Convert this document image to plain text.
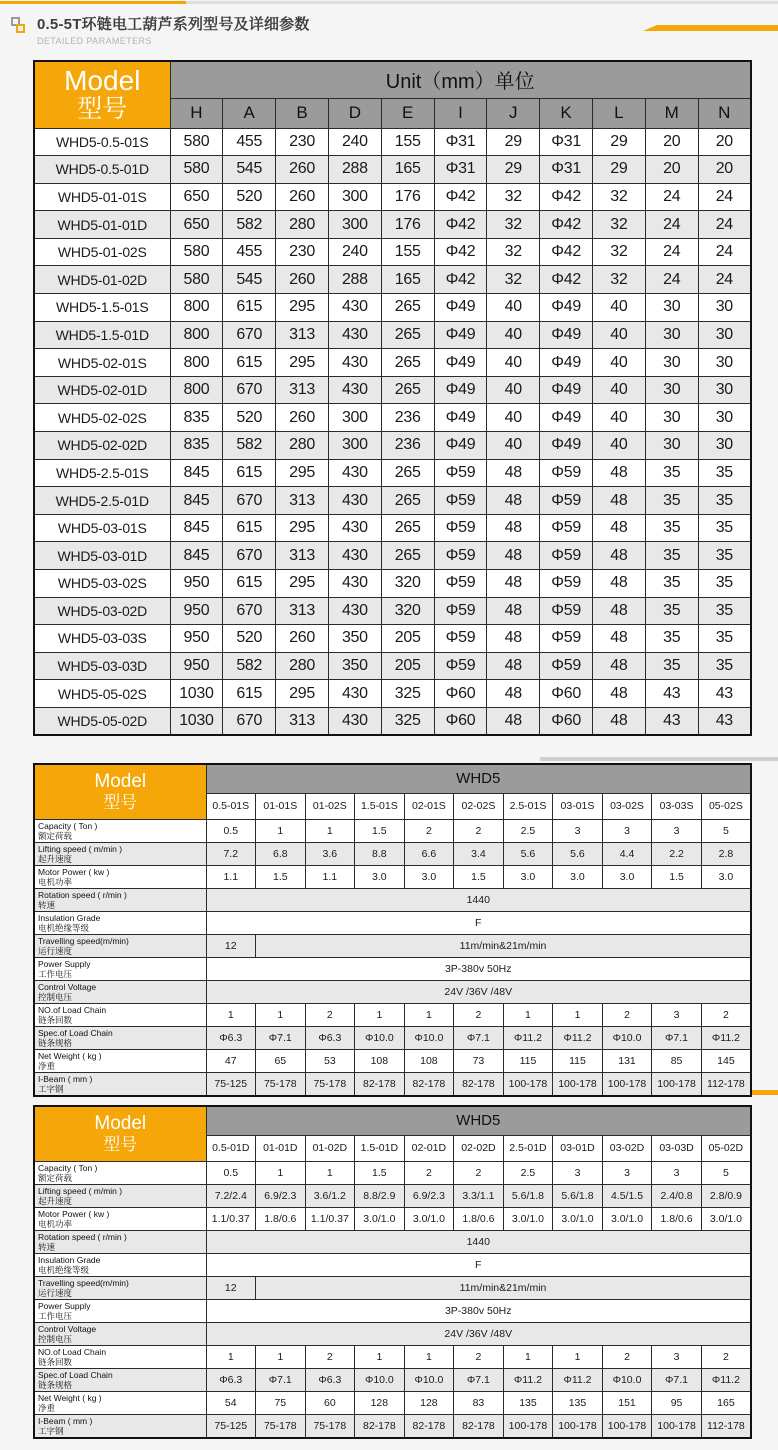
0.5-5T环链电工葫芦系列型号及详细参数
DETAILED PARAMETERS
Model
型号	Unit（mm）单位										
	H	A	B	D	E	I	J	K	L	M	N
WHD5-0.5-01S	580	455	230	240	155	Φ31	29	Φ31	29	20	20
WHD5-0.5-01D	580	545	260	288	165	Φ31	29	Φ31	29	20	20
WHD5-01-01S	650	520	260	300	176	Φ42	32	Φ42	32	24	24
WHD5-01-01D	650	582	280	300	176	Φ42	32	Φ42	32	24	24
WHD5-01-02S	580	455	230	240	155	Φ42	32	Φ42	32	24	24
WHD5-01-02D	580	545	260	288	165	Φ42	32	Φ42	32	24	24
WHD5-1.5-01S	800	615	295	430	265	Φ49	40	Φ49	40	30	30
WHD5-1.5-01D	800	670	313	430	265	Φ49	40	Φ49	40	30	30
WHD5-02-01S	800	615	295	430	265	Φ49	40	Φ49	40	30	30
WHD5-02-01D	800	670	313	430	265	Φ49	40	Φ49	40	30	30
WHD5-02-02S	835	520	260	300	236	Φ49	40	Φ49	40	30	30
WHD5-02-02D	835	582	280	300	236	Φ49	40	Φ49	40	30	30
WHD5-2.5-01S	845	615	295	430	265	Φ59	48	Φ59	48	35	35
WHD5-2.5-01D	845	670	313	430	265	Φ59	48	Φ59	48	35	35
WHD5-03-01S	845	615	295	430	265	Φ59	48	Φ59	48	35	35
WHD5-03-01D	845	670	313	430	265	Φ59	48	Φ59	48	35	35
WHD5-03-02S	950	615	295	430	320	Φ59	48	Φ59	48	35	35
WHD5-03-02D	950	670	313	430	320	Φ59	48	Φ59	48	35	35
WHD5-03-03S	950	520	260	350	205	Φ59	48	Φ59	48	35	35
WHD5-03-03D	950	582	280	350	205	Φ59	48	Φ59	48	35	35
WHD5-05-02S	1030	615	295	430	325	Φ60	48	Φ60	48	43	43
WHD5-05-02D	1030	670	313	430	325	Φ60	48	Φ60	48	43	43
Model
型号	WHD5										
	0.5-01S	01-01S	01-02S	1.5-01S	02-01S	02-02S	2.5-01S	03-01S	03-02S	03-03S	05-02S

Capacity ( Ton )
额定荷载	0.5	1	1	1.5	2	2	2.5	3	3	3	5

Lifting speed ( m/min )
起升速度	7.2	6.8	3.6	8.8	6.6	3.4	5.6	5.6	4.4	2.2	2.8

Motor Power ( kw )
电机功率	1.1	1.5	1.1	3.0	3.0	1.5	3.0	3.0	3.0	1.5	3.0

Rotation speed ( r/min )
转速	1440										

Insulation Grade
电机绝缘等级	F										

Travelling speed(m/min)
运行速度	12	11m/min&21m/min									

Power Supply
工作电压	3P-380v 50Hz										

Control Voltage
控制电压	24V /36V /48V										

NO.of Load Chain
链条回数	1	1	2	1	1	2	1	1	2	3	2

Spec.of Load Chain
链条规格	Φ6.3	Φ7.1	Φ6.3	Φ10.0	Φ10.0	Φ7.1	Φ11.2	Φ11.2	Φ10.0	Φ7.1	Φ11.2

Net Weight ( kg )
净重	47	65	53	108	108	73	115	115	131	85	145

I-Beam ( mm )
工字钢	75-125	75-178	75-178	82-178	82-178	82-178	100-178	100-178	100-178	100-178	112-178
Model
型号	WHD5										
	0.5-01D	01-01D	01-02D	1.5-01D	02-01D	02-02D	2.5-01D	03-01D	03-02D	03-03D	05-02D

Capacity ( Ton )
额定荷载	0.5	1	1	1.5	2	2	2.5	3	3	3	5

Lifting speed ( m/min )
起升速度	7.2/2.4	6.9/2.3	3.6/1.2	8.8/2.9	6.9/2.3	3.3/1.1	5.6/1.8	5.6/1.8	4.5/1.5	2.4/0.8	2.8/0.9

Motor Power ( kw )
电机功率	1.1/0.37	1.8/0.6	1.1/0.37	3.0/1.0	3.0/1.0	1.8/0.6	3.0/1.0	3.0/1.0	3.0/1.0	1.8/0.6	3.0/1.0

Rotation speed ( r/min )
转速	1440										

Insulation Grade
电机绝缘等级	F										

Travelling speed(m/min)
运行速度	12	11m/min&21m/min									

Power Supply
工作电压	3P-380v 50Hz										

Control Voltage
控制电压	24V /36V /48V										

NO.of Load Chain
链条回数	1	1	2	1	1	2	1	1	2	3	2

Spec.of Load Chain
链条规格	Φ6.3	Φ7.1	Φ6.3	Φ10.0	Φ10.0	Φ7.1	Φ11.2	Φ11.2	Φ10.0	Φ7.1	Φ11.2

Net Weight ( kg )
净重	54	75	60	128	128	83	135	135	151	95	165

I-Beam ( mm )
工字钢	75-125	75-178	75-178	82-178	82-178	82-178	100-178	100-178	100-178	100-178	112-178
